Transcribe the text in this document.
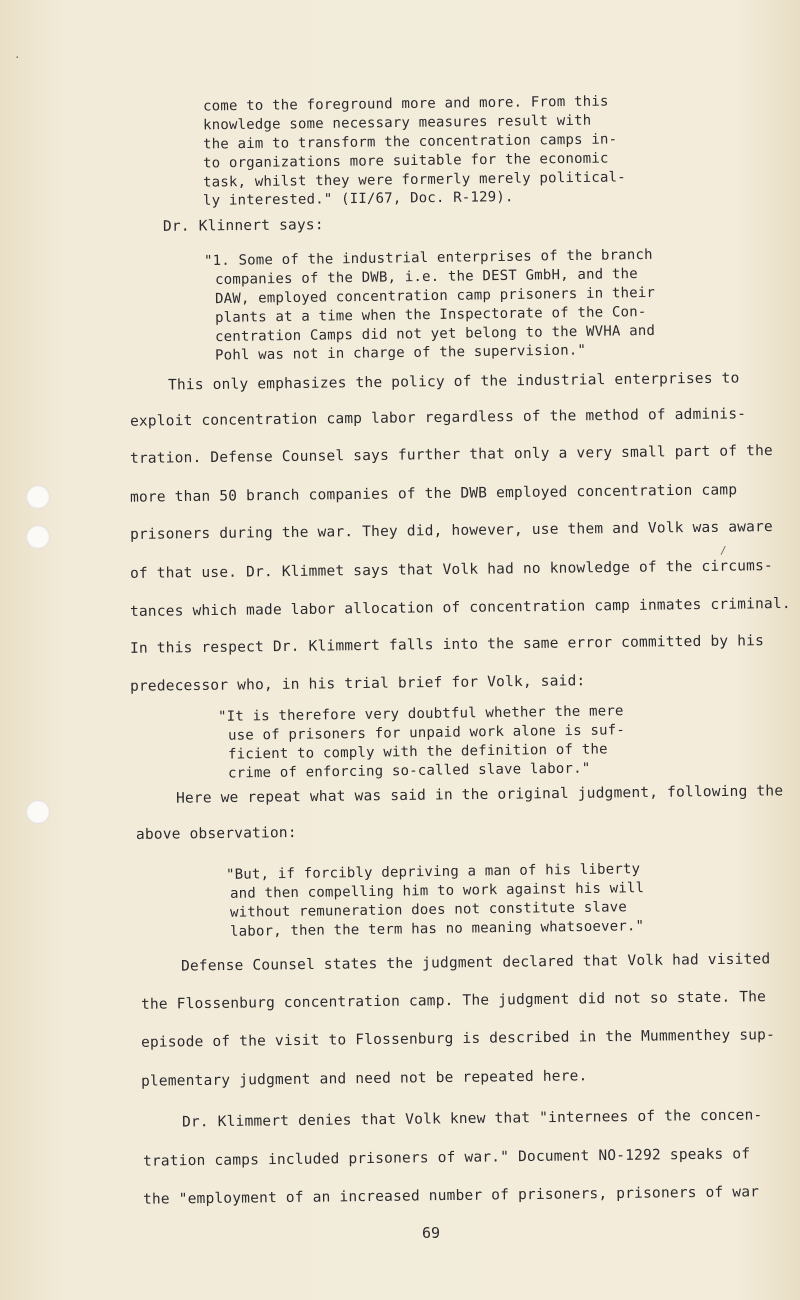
.
/
come to the foreground more and more. From this
knowledge some necessary measures result with
the aim to transform the concentration camps in-
to organizations more suitable for the economic
task, whilst they were formerly merely political-
ly interested." (II/67, Doc. R-129).
Dr. Klinnert says:
"1. Some of the industrial enterprises of the branch
companies of the DWB, i.e. the DEST GmbH, and the
DAW, employed concentration camp prisoners in their
plants at a time when the Inspectorate of the Con-
centration Camps did not yet belong to the WVHA and
Pohl was not in charge of the supervision."
This only emphasizes the policy of the industrial enterprises to
exploit concentration camp labor regardless of the method of adminis-
tration. Defense Counsel says further that only a very small part of the
more than 50 branch companies of the DWB employed concentration camp
prisoners during the war. They did, however, use them and Volk was aware
of that use. Dr. Klimmet says that Volk had no knowledge of the circums-
tances which made labor allocation of concentration camp inmates criminal.
In this respect Dr. Klimmert falls into the same error committed by his
predecessor who, in his trial brief for Volk, said:
"It is therefore very doubtful whether the mere
use of prisoners for unpaid work alone is suf-
ficient to comply with the definition of the
crime of enforcing so-called slave labor."
Here we repeat what was said in the original judgment, following the
above observation:
"But, if forcibly depriving a man of his liberty
and then compelling him to work against his will
without remuneration does not constitute slave
labor, then the term has no meaning whatsoever."
Defense Counsel states the judgment declared that Volk had visited
the Flossenburg concentration camp. The judgment did not so state. The
episode of the visit to Flossenburg is described in the Mummenthey sup-
plementary judgment and need not be repeated here.
Dr. Klimmert denies that Volk knew that "internees of the concen-
tration camps included prisoners of war." Document NO-1292 speaks of
the "employment of an increased number of prisoners, prisoners of war
69
